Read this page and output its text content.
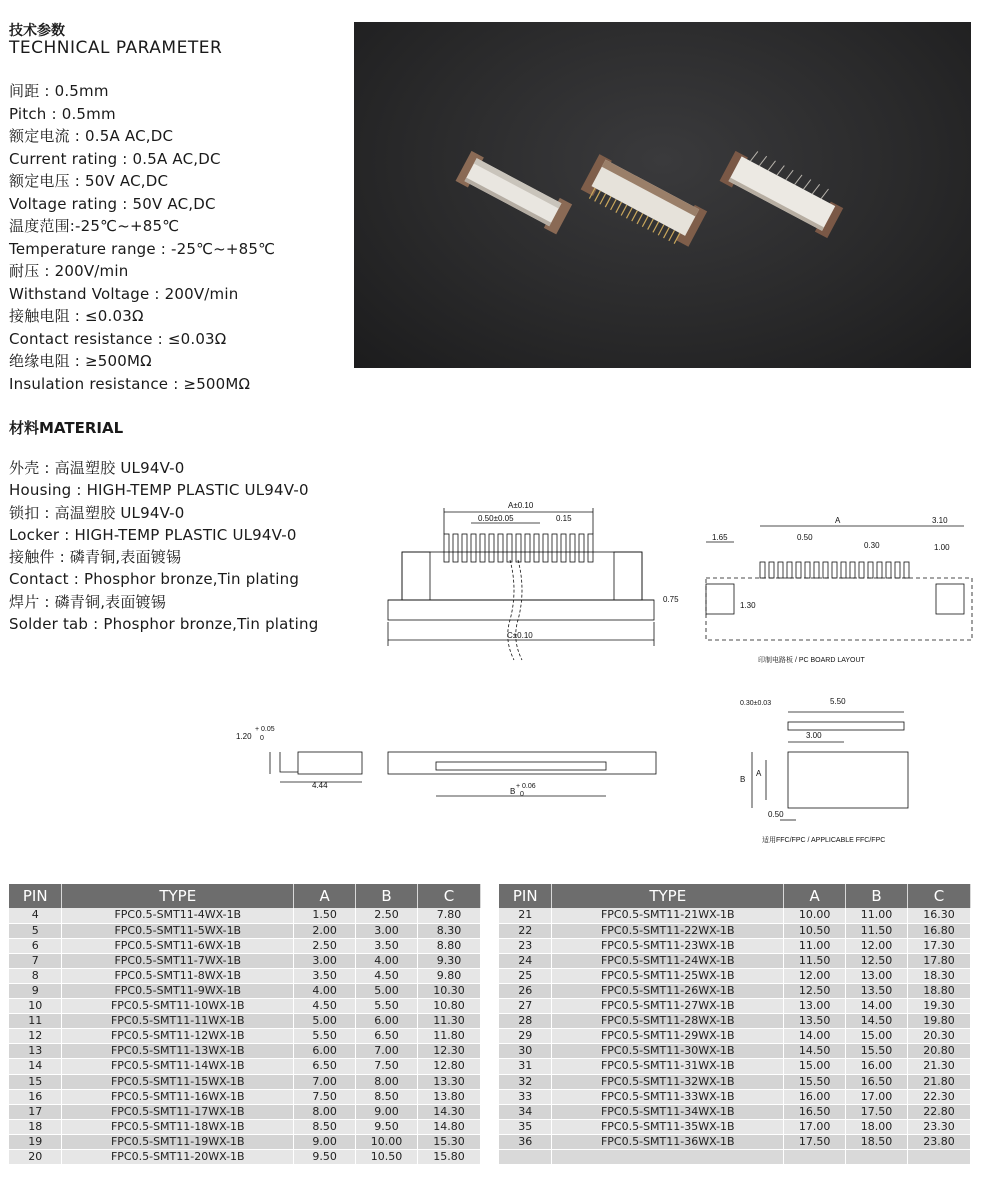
技术参数
TECHNICAL PARAMETER
间距 : 0.5mm
Pitch : 0.5mm
额定电流 : 0.5A AC,DC
Current rating : 0.5A AC,DC
额定电压 : 50V AC,DC
Voltage rating : 50V AC,DC
温度范围:-25℃~+85℃
Temperature range : -25℃~+85℃
耐压 : 200V/min
Withstand Voltage : 200V/min
接触电阻 : ≤0.03Ω
Contact resistance : ≤0.03Ω
绝缘电阻 : ≥500MΩ
Insulation resistance : ≥500MΩ
材料MATERIAL
外壳 : 高温塑胶 UL94V-0
Housing : HIGH-TEMP PLASTIC UL94V-0
锁扣 : 高温塑胶 UL94V-0
Locker : HIGH-TEMP PLASTIC UL94V-0
接触件 : 磷青铜,表面镀锡
Contact : Phosphor bronze,Tin plating
焊片 : 磷青铜,表面镀锡
Solder tab : Phosphor bronze,Tin plating
A±0.10
0.50±0.05	0.15
C±0.10
1.65
A	3.10
0.50
0.30	1.00
0.75
1.30
印制电路板 / PC BOARD LAYOUT
1.20
+ 0.05
0
4.44
B
+ 0.06
0
0.30±0.03	5.50
3.00
B
A
0.50
适用FFC/FPC / APPLICABLE FFC/FPC
PIN	TYPE	A	B	C
4	FPC0.5-SMT11-4WX-1B	1.50	2.50	7.80
5	FPC0.5-SMT11-5WX-1B	2.00	3.00	8.30
6	FPC0.5-SMT11-6WX-1B	2.50	3.50	8.80
7	FPC0.5-SMT11-7WX-1B	3.00	4.00	9.30
8	FPC0.5-SMT11-8WX-1B	3.50	4.50	9.80
9	FPC0.5-SMT11-9WX-1B	4.00	5.00	10.30
10	FPC0.5-SMT11-10WX-1B	4.50	5.50	10.80
11	FPC0.5-SMT11-11WX-1B	5.00	6.00	11.30
12	FPC0.5-SMT11-12WX-1B	5.50	6.50	11.80
13	FPC0.5-SMT11-13WX-1B	6.00	7.00	12.30
14	FPC0.5-SMT11-14WX-1B	6.50	7.50	12.80
15	FPC0.5-SMT11-15WX-1B	7.00	8.00	13.30
16	FPC0.5-SMT11-16WX-1B	7.50	8.50	13.80
17	FPC0.5-SMT11-17WX-1B	8.00	9.00	14.30
18	FPC0.5-SMT11-18WX-1B	8.50	9.50	14.80
19	FPC0.5-SMT11-19WX-1B	9.00	10.00	15.30
20	FPC0.5-SMT11-20WX-1B	9.50	10.50	15.80
PIN	TYPE	A	B	C
21	FPC0.5-SMT11-21WX-1B	10.00	11.00	16.30
22	FPC0.5-SMT11-22WX-1B	10.50	11.50	16.80
23	FPC0.5-SMT11-23WX-1B	11.00	12.00	17.30
24	FPC0.5-SMT11-24WX-1B	11.50	12.50	17.80
25	FPC0.5-SMT11-25WX-1B	12.00	13.00	18.30
26	FPC0.5-SMT11-26WX-1B	12.50	13.50	18.80
27	FPC0.5-SMT11-27WX-1B	13.00	14.00	19.30
28	FPC0.5-SMT11-28WX-1B	13.50	14.50	19.80
29	FPC0.5-SMT11-29WX-1B	14.00	15.00	20.30
30	FPC0.5-SMT11-30WX-1B	14.50	15.50	20.80
31	FPC0.5-SMT11-31WX-1B	15.00	16.00	21.30
32	FPC0.5-SMT11-32WX-1B	15.50	16.50	21.80
33	FPC0.5-SMT11-33WX-1B	16.00	17.00	22.30
34	FPC0.5-SMT11-34WX-1B	16.50	17.50	22.80
35	FPC0.5-SMT11-35WX-1B	17.00	18.00	23.30
36	FPC0.5-SMT11-36WX-1B	17.50	18.50	23.80
